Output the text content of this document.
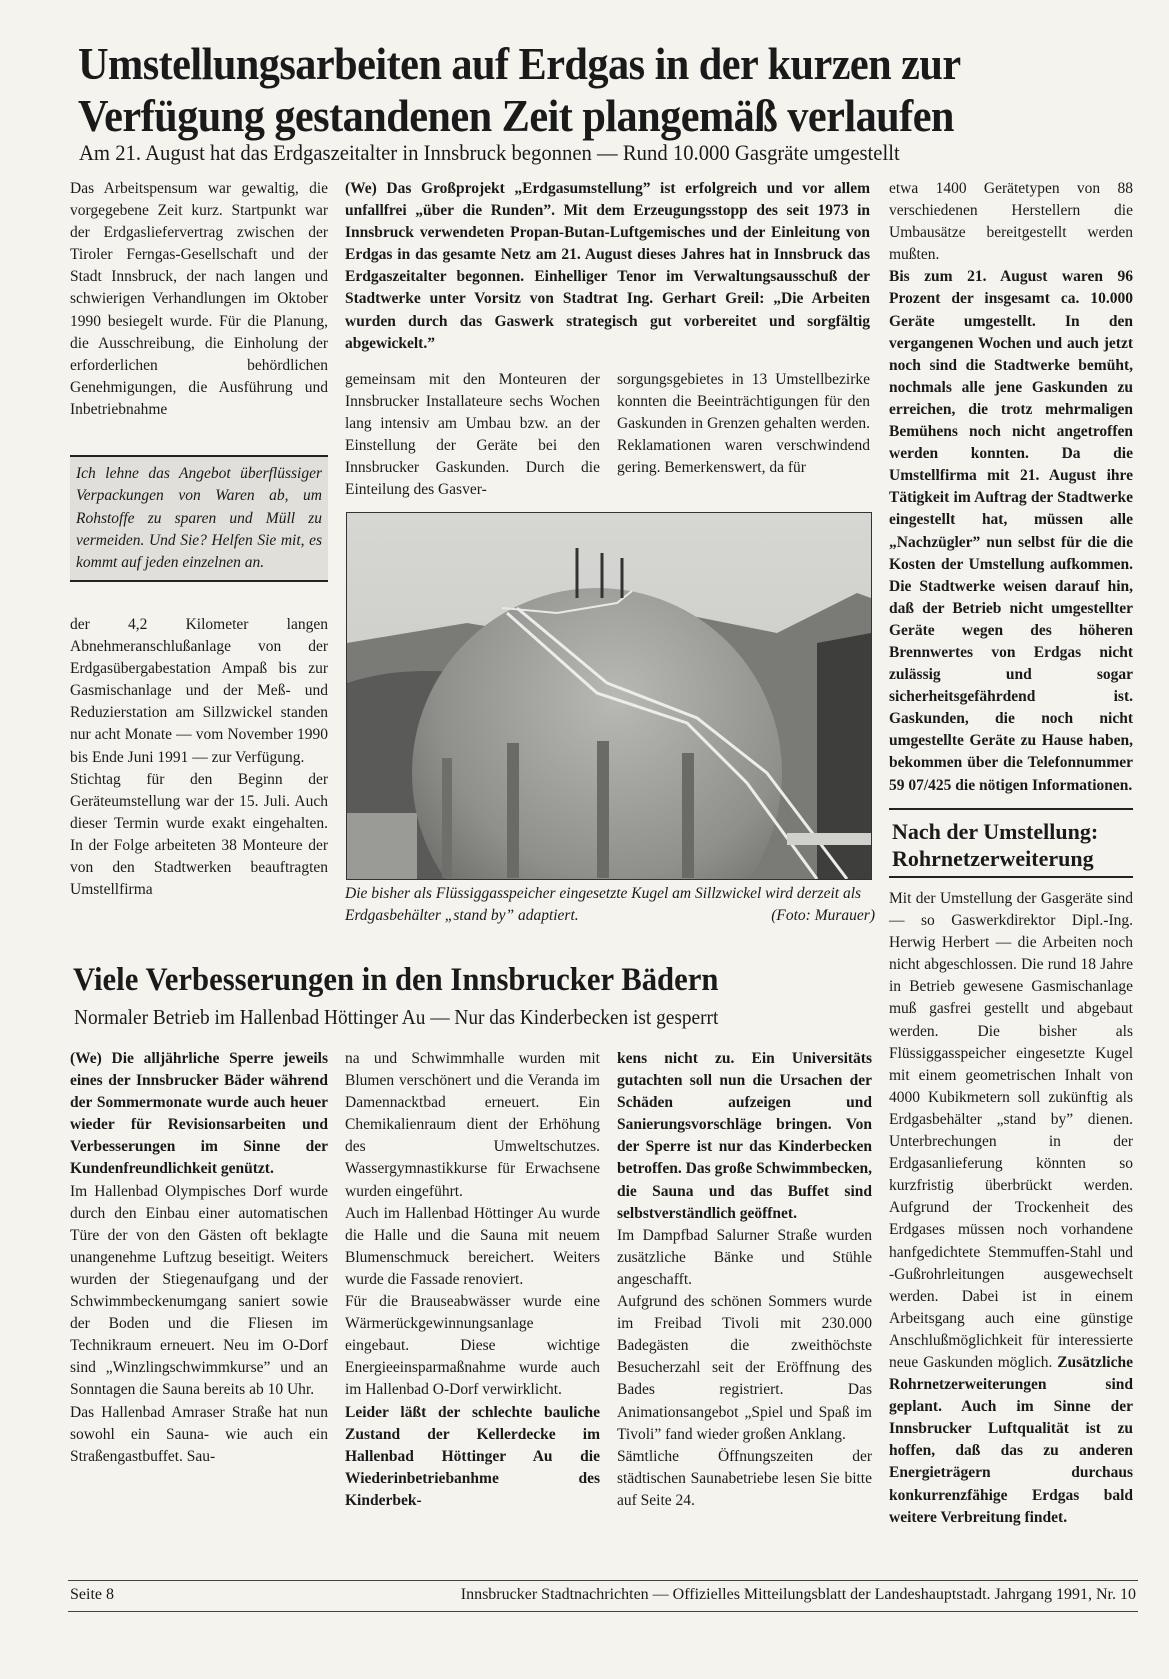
Umstellungsarbeiten auf Erdgas in der kurzen zur
Verfügung gestandenen Zeit plangemäß verlaufen
Am 21. August hat das Erdgaszeitalter in Innsbruck begonnen — Rund 10.000 Gasgräte umgestellt

Das Arbeitspensum war gewaltig, die vorgegebene Zeit kurz. Startpunkt war der Erdgasliefervertrag zwischen der Tiroler Ferngas-Gesellschaft und der Stadt Innsbruck, der nach langen und schwierigen Verhandlungen im Oktober 1990 besiegelt wurde. Für die Planung, die Ausschreibung, die Einholung der erforderlichen behördlichen Genehmigungen, die Ausführung und Inbetriebnahme

Ich lehne das Angebot überflüssiger Verpackungen von Waren ab, um Rohstoffe zu sparen und Müll zu vermeiden. Und Sie? Helfen Sie mit, es kommt auf jeden einzelnen an.

der 4,2 Kilometer langen Abnehmeranschlußanlage von der Erdgasübergabestation Ampaß bis zur Gasmischanlage und der Meß- und Reduzierstation am Sillzwickel standen nur acht Monate — vom November 1990 bis Ende Juni 1991 — zur Verfügung.

Stichtag für den Beginn der Geräteumstellung war der 15. Juli. Auch dieser Termin wurde exakt eingehalten. In der Folge arbeiteten 38 Monteure der von den Stadtwerken beauftragten Umstellfirma

(We) Das Großprojekt „Erdgasumstellung” ist erfolgreich und vor allem unfallfrei „über die Runden”. Mit dem Erzeugungsstopp des seit 1973 in Innsbruck verwendeten Propan-Butan-Luftgemisches und der Einleitung von Erdgas in das gesamte Netz am 21. August dieses Jahres hat in Innsbruck das Erdgaszeitalter begonnen. Einhelliger Tenor im Verwaltungsausschuß der Stadtwerke unter Vorsitz von Stadtrat Ing. Gerhart Greil: „Die Arbeiten wurden durch das Gaswerk strategisch gut vorbereitet und sorgfältig abgewickelt.”

gemeinsam mit den Monteuren der Innsbrucker Installateure sechs Wochen lang intensiv am Umbau bzw. an der Einstellung der Geräte bei den Innsbrucker Gaskunden. Durch die Einteilung des Gasver-

sorgungsgebietes in 13 Umstellbezirke konnten die Beeinträchtigungen für den Gaskunden in Grenzen gehalten werden. Reklamationen waren verschwindend gering. Bemerkenswert, da für

Die bisher als Flüssiggasspeicher eingesetzte Kugel am Sillzwickel wird derzeit als Erdgasbehälter „stand by” adaptiert.	(Foto: Murauer)

etwa 1400 Gerätetypen von 88 verschiedenen Herstellern die Umbausätze bereitgestellt werden mußten.

Bis zum 21. August waren 96 Prozent der insgesamt ca. 10.000 Geräte umgestellt. In den vergangenen Wochen und auch jetzt noch sind die Stadtwerke bemüht, nochmals alle jene Gaskunden zu erreichen, die trotz mehrmaligen Bemühens noch nicht angetroffen werden konnten. Da die Umstellfirma mit 21. August ihre Tätigkeit im Auftrag der Stadtwerke eingestellt hat, müssen alle „Nachzügler” nun selbst für die die Kosten der Umstellung aufkommen. Die Stadtwerke weisen darauf hin, daß der Betrieb nicht umgestellter Geräte wegen des höheren Brennwertes von Erdgas nicht zulässig und sogar sicherheitsgefährdend ist. Gaskunden, die noch nicht umgestellte Geräte zu Hause haben, bekommen über die Telefonnummer 59 07/425 die nötigen Informationen.

Nach der Umstellung:
Rohrnetzerweiterung

Mit der Umstellung der Gasgeräte sind — so Gaswerkdirektor Dipl.-Ing. Herwig Herbert — die Arbeiten noch nicht abgeschlossen. Die rund 18 Jahre in Betrieb gewesene Gasmischanlage muß gasfrei gestellt und abgebaut werden. Die bisher als Flüssiggasspeicher eingesetzte Kugel mit einem geometrischen Inhalt von 4000 Kubikmetern soll zukünftig als Erdgasbehälter „stand by” dienen. Unterbrechungen in der Erdgasanlieferung könnten so kurzfristig überbrückt werden. Aufgrund der Trockenheit des Erdgases müssen noch vorhandene hanfgedichtete Stemmuffen-Stahl und -Gußrohrleitungen ausgewechselt werden. Dabei ist in einem Arbeitsgang auch eine günstige Anschlußmöglichkeit für interessierte neue Gaskunden möglich. Zusätzliche Rohrnetzerweiterungen sind geplant. Auch im Sinne der Innsbrucker Luftqualität ist zu hoffen, daß das zu anderen Energieträgern durchaus konkurrenzfähige Erdgas bald weitere Verbreitung findet.

Viele Verbesserungen in den Innsbrucker Bädern
Normaler Betrieb im Hallenbad Höttinger Au — Nur das Kinderbecken ist gesperrt

(We) Die alljährliche Sperre jeweils eines der Innsbrucker Bäder während der Sommermonate wurde auch heuer wieder für Revisionsarbeiten und Verbesserungen im Sinne der Kundenfreundlichkeit genützt.

Im Hallenbad Olympisches Dorf wurde durch den Einbau einer automatischen Türe der von den Gästen oft beklagte unangenehme Luftzug beseitigt. Weiters wurden der Stiegenaufgang und der Schwimmbeckenumgang saniert sowie der Boden und die Fliesen im Technikraum erneuert. Neu im O-Dorf sind „Winzlingschwimmkurse” und an Sonntagen die Sauna bereits ab 10 Uhr.

Das Hallenbad Amraser Straße hat nun sowohl ein Sauna- wie auch ein Straßengastbuffet. Sau-

na und Schwimmhalle wurden mit Blumen verschönert und die Veranda im Damennacktbad erneuert. Ein Chemikalienraum dient der Erhöhung des Umweltschutzes. Wassergymnastikkurse für Erwachsene wurden eingeführt.

Auch im Hallenbad Höttinger Au wurde die Halle und die Sauna mit neuem Blumenschmuck bereichert. Weiters wurde die Fassade renoviert.

Für die Brauseabwässer wurde eine Wärmerückgewinnungsanlage eingebaut. Diese wichtige Energieeinsparmaßnahme wurde auch im Hallenbad O-Dorf verwirklicht.

Leider läßt der schlechte bauliche Zustand der Kellerdecke im Hallenbad Höttinger Au die Wiederinbetriebanhme des Kinderbek-

kens nicht zu. Ein Universitäts gutachten soll nun die Ursachen der Schäden aufzeigen und Sanierungsvorschläge bringen. Von der Sperre ist nur das Kinderbecken betroffen. Das große Schwimmbecken, die Sauna und das Buffet sind selbstverständlich geöffnet.

Im Dampfbad Salurner Straße wurden zusätzliche Bänke und Stühle angeschafft.

Aufgrund des schönen Sommers wurde im Freibad Tivoli mit 230.000 Badegästen die zweithöchste Besucherzahl seit der Eröffnung des Bades registriert. Das Animationsangebot „Spiel und Spaß im Tivoli” fand wieder großen Anklang.

Sämtliche Öffnungszeiten der städtischen Saunabetriebe lesen Sie bitte auf Seite 24.

Seite 8	Innsbrucker Stadtnachrichten — Offizielles Mitteilungsblatt der Landeshauptstadt. Jahrgang 1991, Nr. 10
